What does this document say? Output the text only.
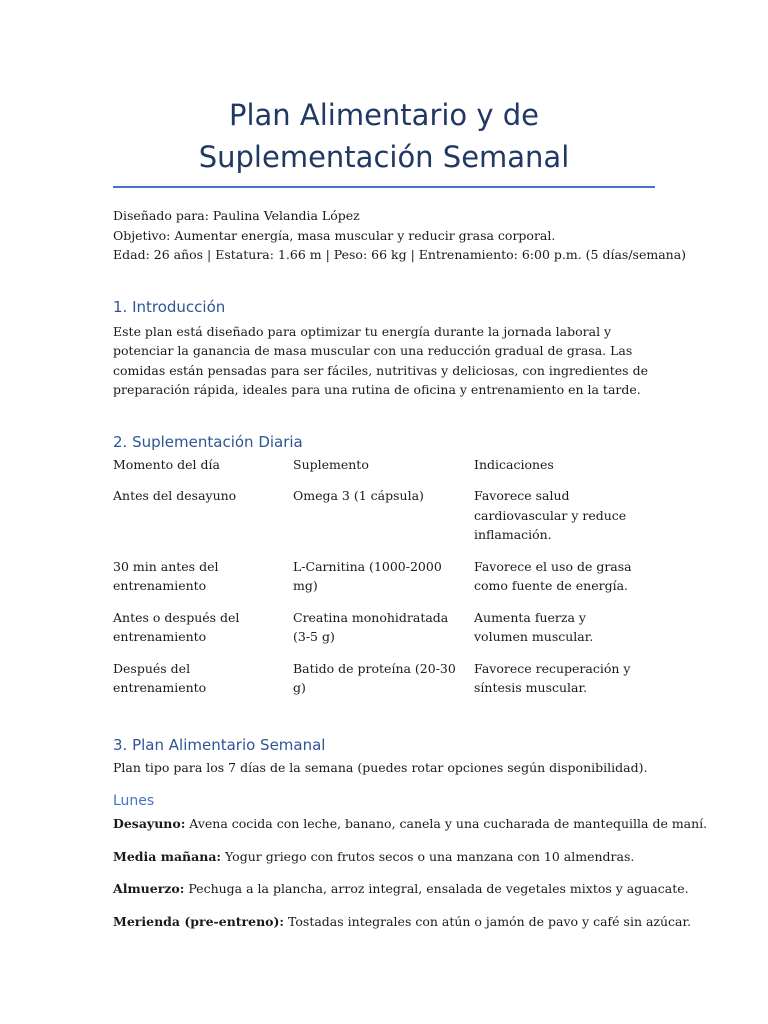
Plan Alimentario y de Suplementación Semanal
Diseñado para: Paulina Velandia López
Objetivo: Aumentar energía, masa muscular y reducir grasa corporal.
Edad: 26 años | Estatura: 1.66 m | Peso: 66 kg | Entrenamiento: 6:00 p.m. (5 días/semana)
1. Introducción

Este plan está diseñado para optimizar tu energía durante la jornada laboral y potenciar la ganancia de masa muscular con una reducción gradual de grasa. Las comidas están pensadas para ser fáciles, nutritivas y deliciosas, con ingredientes de preparación rápida, ideales para una rutina de oficina y entrenamiento en la tarde.

2. Suplementación Diaria
Momento del día	Suplemento	Indicaciones
Antes del desayuno	Omega 3 (1 cápsula)	Favorece salud cardiovascular y reduce inflamación.
30 min antes del entrenamiento	L-Carnitina (1000-2000 mg)	Favorece el uso de grasa como fuente de energía.
Antes o después del entrenamiento	Creatina monohidratada (3-5 g)	Aumenta fuerza y volumen muscular.
Después del entrenamiento	Batido de proteína (20-30 g)	Favorece recuperación y síntesis muscular.
3. Plan Alimentario Semanal

Plan tipo para los 7 días de la semana (puedes rotar opciones según disponibilidad).

Lunes
Desayuno: Avena cocida con leche, banano, canela y una cucharada de mantequilla de maní.
Media mañana: Yogur griego con frutos secos o una manzana con 10 almendras.
Almuerzo: Pechuga a la plancha, arroz integral, ensalada de vegetales mixtos y aguacate.
Merienda (pre-entreno): Tostadas integrales con atún o jamón de pavo y café sin azúcar.
